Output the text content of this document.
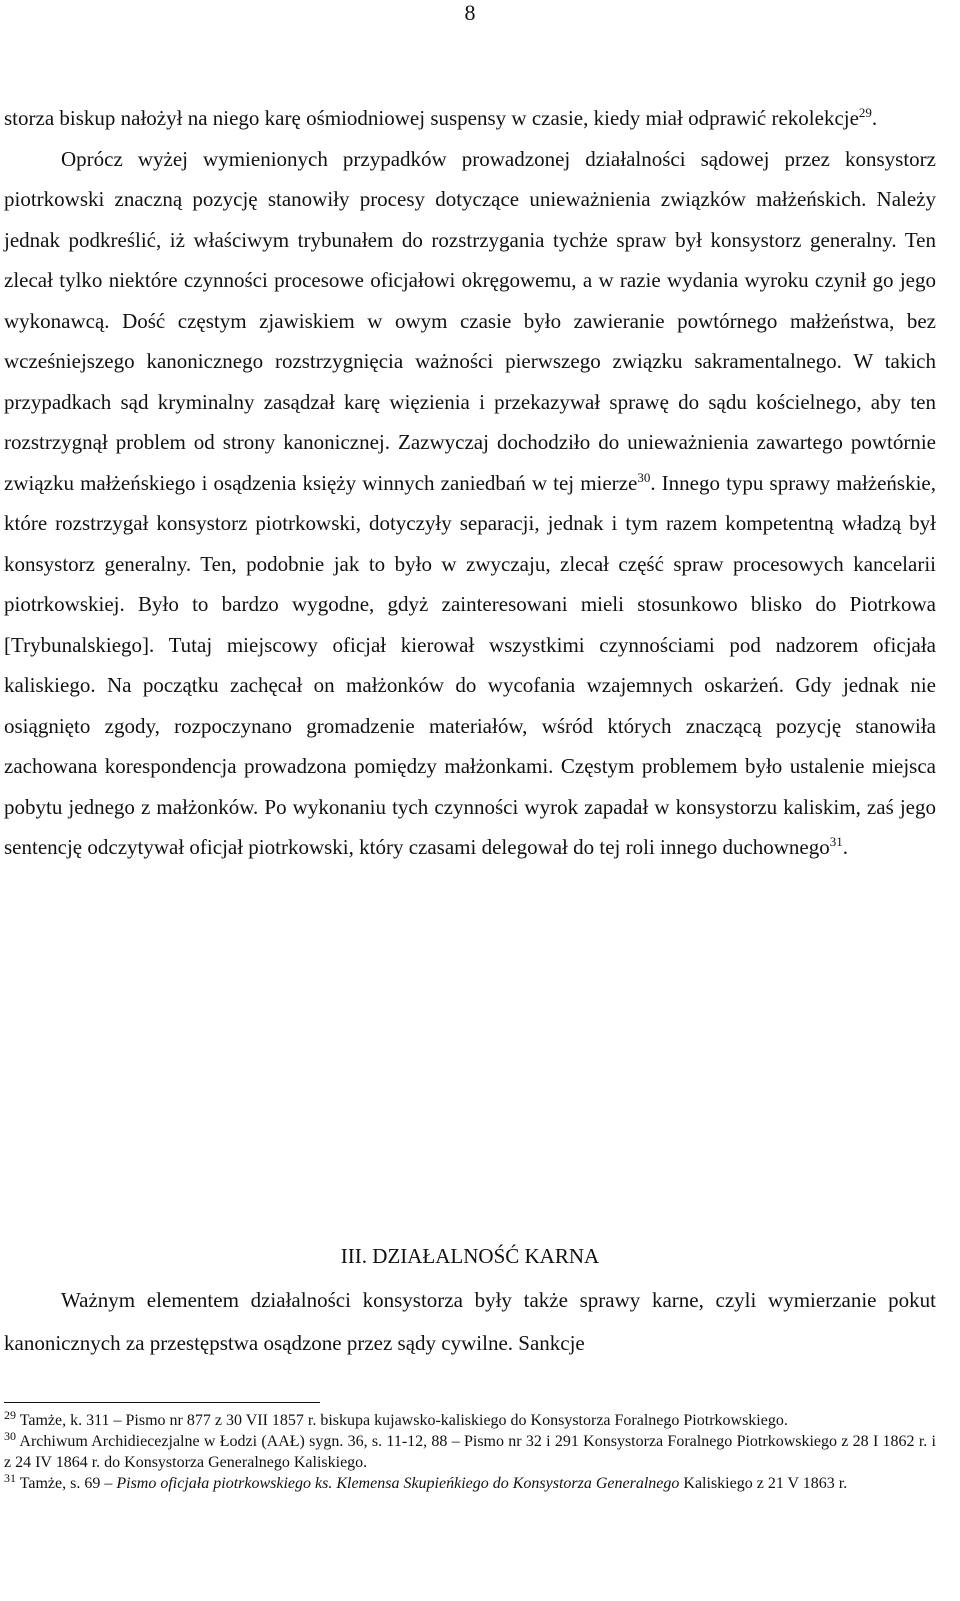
8

storza biskup nałożył na niego karę ośmiodniowej suspensy w czasie, kiedy miał odprawić rekolekcje$^{29}$.

Oprócz wyżej wymienionych przypadków prowadzonej działalności sądowej przez konsystorz piotrkowski znaczną pozycję stanowiły procesy dotyczące unieważnienia związków małżeńskich. Należy jednak podkreślić, iż właściwym trybunałem do rozstrzygania tychże spraw był konsystorz generalny. Ten zlecał tylko niektóre czynności procesowe oficjałowi okręgowemu, a w razie wydania wyroku czynił go jego wykonawcą. Dość częstym zjawiskiem w owym czasie było zawieranie powtórnego małżeństwa, bez wcześniejszego kanonicznego rozstrzygnięcia ważności pierwszego związku sakramentalnego. W takich przypadkach sąd kryminalny zasądzał karę więzienia i przekazywał sprawę do sądu kościelnego, aby ten rozstrzygnął problem od strony kanonicznej. Zazwyczaj dochodziło do unieważnienia zawartego powtórnie związku małżeńskiego i osądzenia księży winnych zaniedbań w tej mierze$^{30}$. Innego typu sprawy małżeńskie, które rozstrzygał konsystorz piotrkowski, dotyczyły separacji, jednak i tym razem kompetentną władzą był konsystorz generalny. Ten, podobnie jak to było w zwyczaju, zlecał część spraw procesowych kancelarii piotrkowskiej. Było to bardzo wygodne, gdyż zainteresowani mieli stosunkowo blisko do Piotrkowa [Trybunalskiego]. Tutaj miejscowy oficjał kierował wszystkimi czynnościami pod nadzorem oficjała kaliskiego. Na początku zachęcał on małżonków do wycofania wzajemnych oskarżeń. Gdy jednak nie osiągnięto zgody, rozpoczynano gromadzenie materiałów, wśród których znaczącą pozycję stanowiła zachowana korespondencja prowadzona pomiędzy małżonkami. Częstym problemem było ustalenie miejsca pobytu jednego z małżonków. Po wykonaniu tych czynności wyrok zapadał w konsystorzu kaliskim, zaś jego sentencję odczytywał oficjał piotrkowski, który czasami delegował do tej roli innego duchownego$^{31}$.

III. DZIAŁALNOŚĆ KARNA

Ważnym elementem działalności konsystorza były także sprawy karne, czyli wymierzanie pokut kanonicznych za przestępstwa osądzone przez sądy cywilne. Sankcje

$^{29}$ Tamże, k. 311 – Pismo nr 877 z 30 VII 1857 r. biskupa kujawsko-kaliskiego do Konsystorza Foralnego Piotrkowskiego.

$^{30}$ Archiwum Archidiecezjalne w Łodzi (AAŁ) sygn. 36, s. 11-12, 88 – Pismo nr 32 i 291 Konsystorza Foralnego Piotrkowskiego z 28 I 1862 r. i z 24 IV 1864 r. do Konsystorza Generalnego Kaliskiego.

$^{31}$ Tamże, s. 69 – Pismo oficjała piotrkowskiego ks. Klemensa Skupieńkiego do Konsystorza Generalnego Kaliskiego z 21 V 1863 r.
